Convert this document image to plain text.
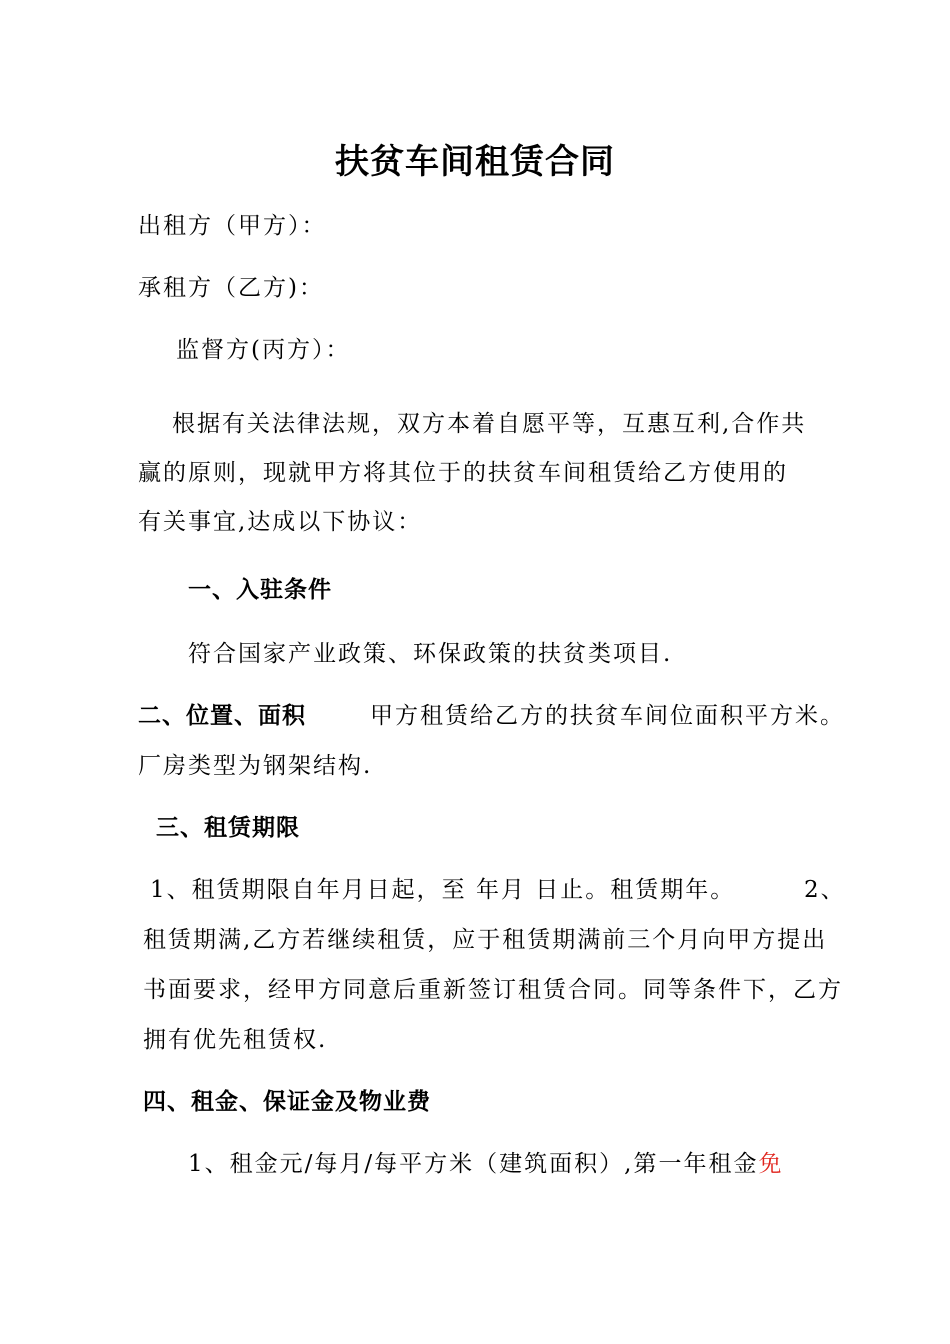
扶贫车间租赁合同
出租方（甲方）：
承租方（乙方)：
监督方(丙方）：
根据有关法律法规，双方本着自愿平等，互惠互利,合作共
赢的原则，现就甲方将其位于的扶贫车间租赁给乙方使用的
有关事宜,达成以下协议：
一、入驻条件
符合国家产业政策、环保政策的扶贫类项目.
二、位置、面积	甲方租赁给乙方的扶贫车间位面积平方米。
厂房类型为钢架结构.
三、租赁期限
1、租赁期限自年月日起，至 年月 日止。租赁期年。	2、
租赁期满,乙方若继续租赁，应于租赁期满前三个月向甲方提出
书面要求，经甲方同意后重新签订租赁合同。同等条件下，乙方
拥有优先租赁权.
四、租金、保证金及物业费
1、租金元/每月/每平方米（建筑面积）,第一年租金免
